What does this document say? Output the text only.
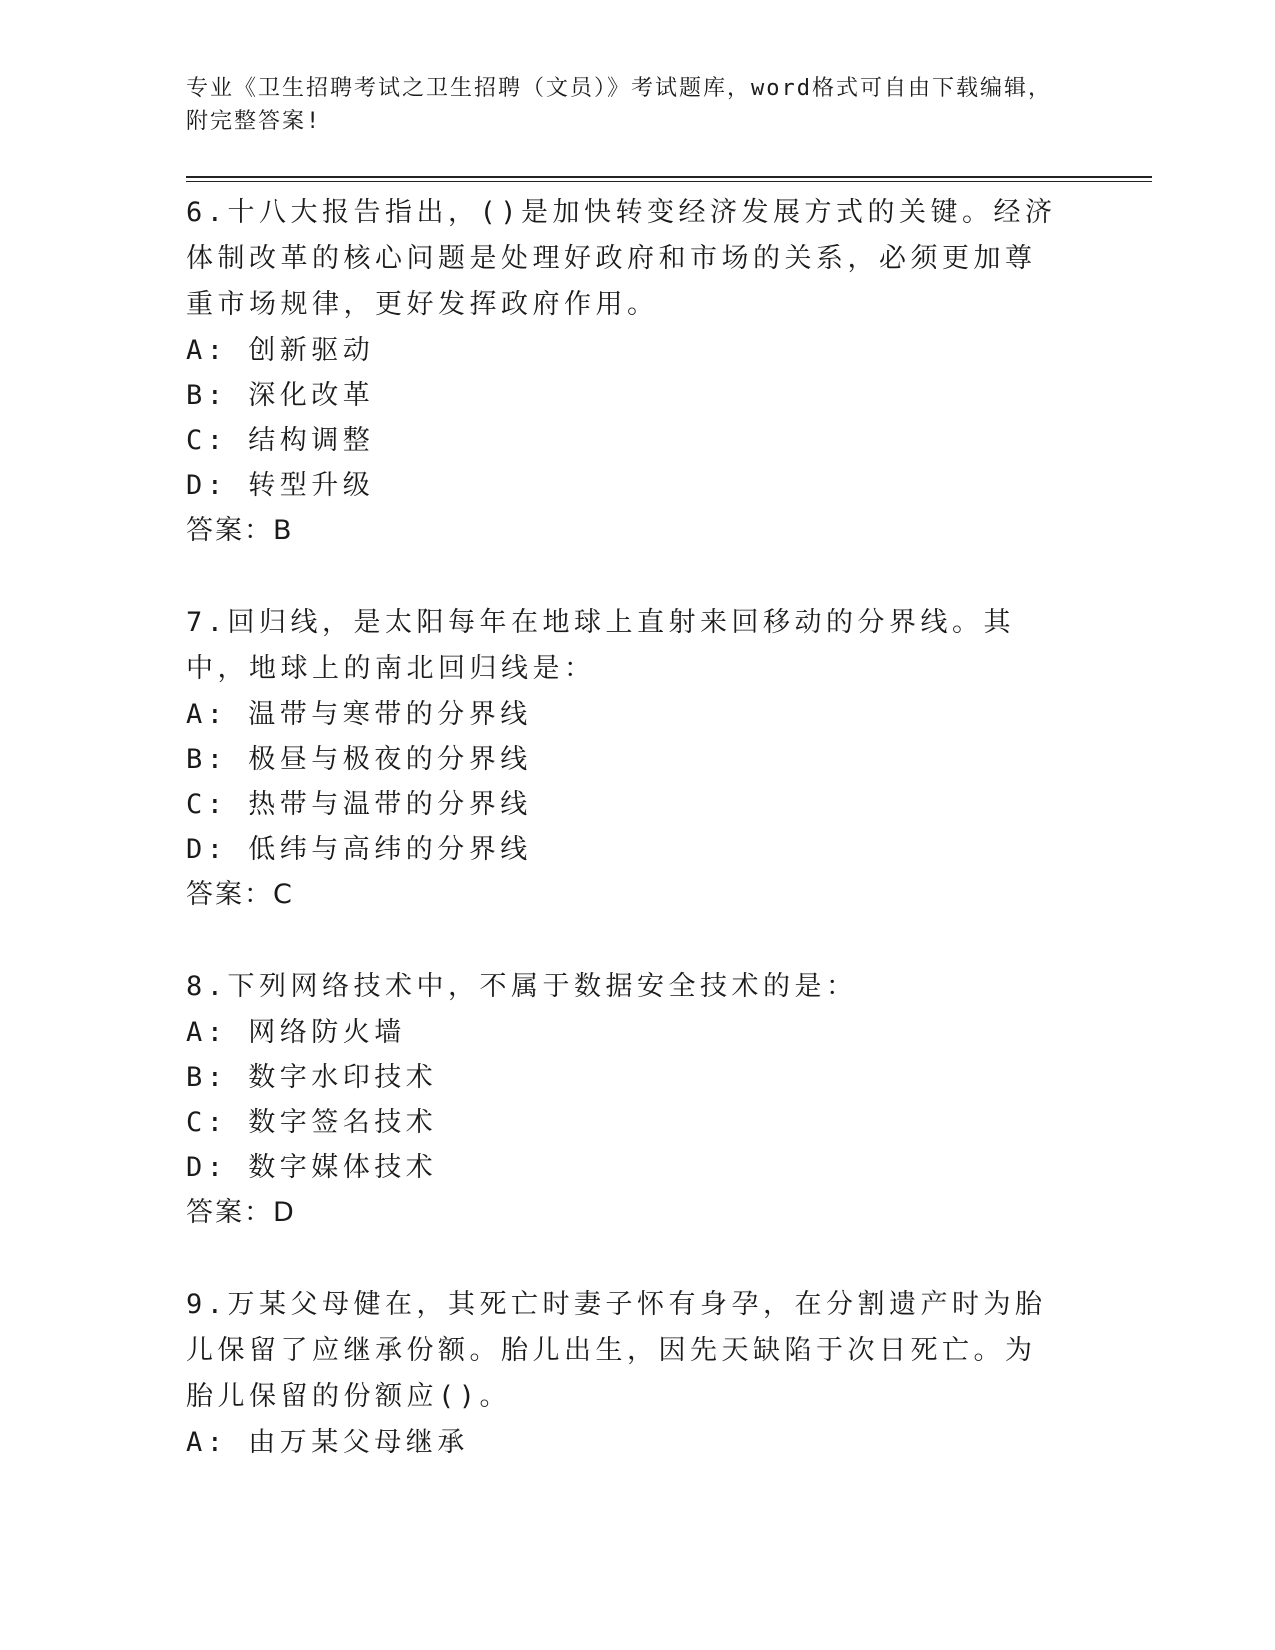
专业《卫生招聘考试之卫生招聘（文员）》考试题库，word格式可自由下载编辑，附完整答案!

6.十八大报告指出，()是加快转变经济发展方式的关键。经济体制改革的核心问题是处理好政府和市场的关系，必须更加尊重市场规律，更好发挥政府作用。

A: 创新驱动

B: 深化改革

C: 结构调整

D: 转型升级

答案：B

7.回归线，是太阳每年在地球上直射来回移动的分界线。其中，地球上的南北回归线是：

A: 温带与寒带的分界线

B: 极昼与极夜的分界线

C: 热带与温带的分界线

D: 低纬与高纬的分界线

答案：C

8.下列网络技术中，不属于数据安全技术的是：

A: 网络防火墙

B: 数字水印技术

C: 数字签名技术

D: 数字媒体技术

答案：D

9.万某父母健在，其死亡时妻子怀有身孕，在分割遗产时为胎儿保留了应继承份额。胎儿出生，因先天缺陷于次日死亡。为胎儿保留的份额应()。

A: 由万某父母继承
